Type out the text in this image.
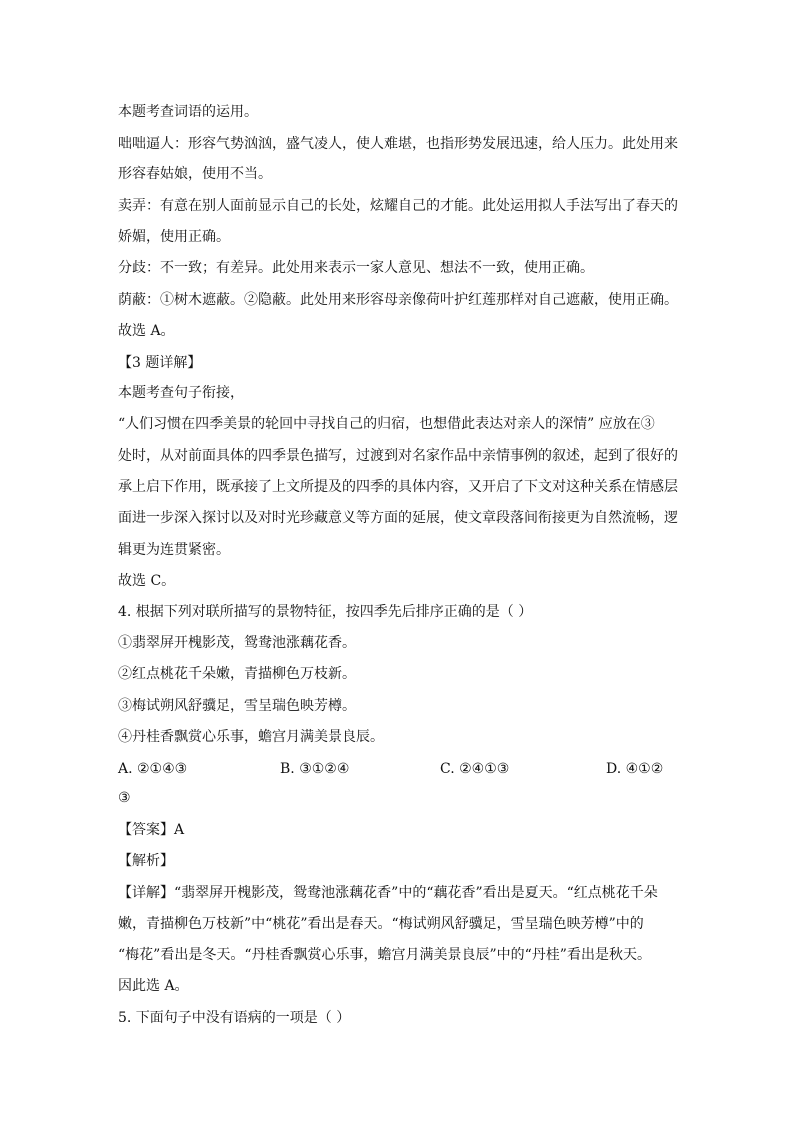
本题考查词语的运用。
咄咄逼人：形容气势汹汹，盛气凌人，使人难堪，也指形势发展迅速，给人压力。此处用来
形容春姑娘，使用不当。
卖弄：有意在别人面前显示自己的长处，炫耀自己的才能。此处运用拟人手法写出了春天的
娇媚，使用正确。
分歧：不一致；有差异。此处用来表示一家人意见、想法不一致，使用正确。
荫蔽：①树木遮蔽。②隐蔽。此处用来形容母亲像荷叶护红莲那样对自己遮蔽，使用正确。
故选 A。
【3 题详解】
本题考查句子衔接，
“人们习惯在四季美景的轮回中寻找自己的归宿，也想借此表达对亲人的深情” 应放在③
处时，从对前面具体的四季景色描写，过渡到对名家作品中亲情事例的叙述，起到了很好的
承上启下作用，既承接了上文所提及的四季的具体内容，又开启了下文对这种关系在情感层
面进一步深入探讨以及对时光珍藏意义等方面的延展，使文章段落间衔接更为自然流畅，逻
辑更为连贯紧密。
故选 C。
4. 根据下列对联所描写的景物特征，按四季先后排序正确的是（ ）
①翡翠屏开槐影茂，鸳鸯池涨藕花香。
②红点桃花千朵嫩，青描柳色万枝新。
③梅试朔风舒骥足，雪呈瑞色映芳樽。
④丹桂香飘赏心乐事，蟾宫月满美景良辰。
A. ②①④③	B. ③①②④	C. ②④①③	D. ④①②
③
【答案】A
【解析】
【详解】“翡翠屏开槐影茂，鸳鸯池涨藕花香”中的“藕花香”看出是夏天。“红点桃花千朵
嫩，青描柳色万枝新”中“桃花”看出是春天。“梅试朔风舒骥足，雪呈瑞色映芳樽”中的
“梅花”看出是冬天。“丹桂香飘赏心乐事，蟾宫月满美景良辰”中的“丹桂”看出是秋天。
因此选 A。
5. 下面句子中没有语病的一项是（ ）
